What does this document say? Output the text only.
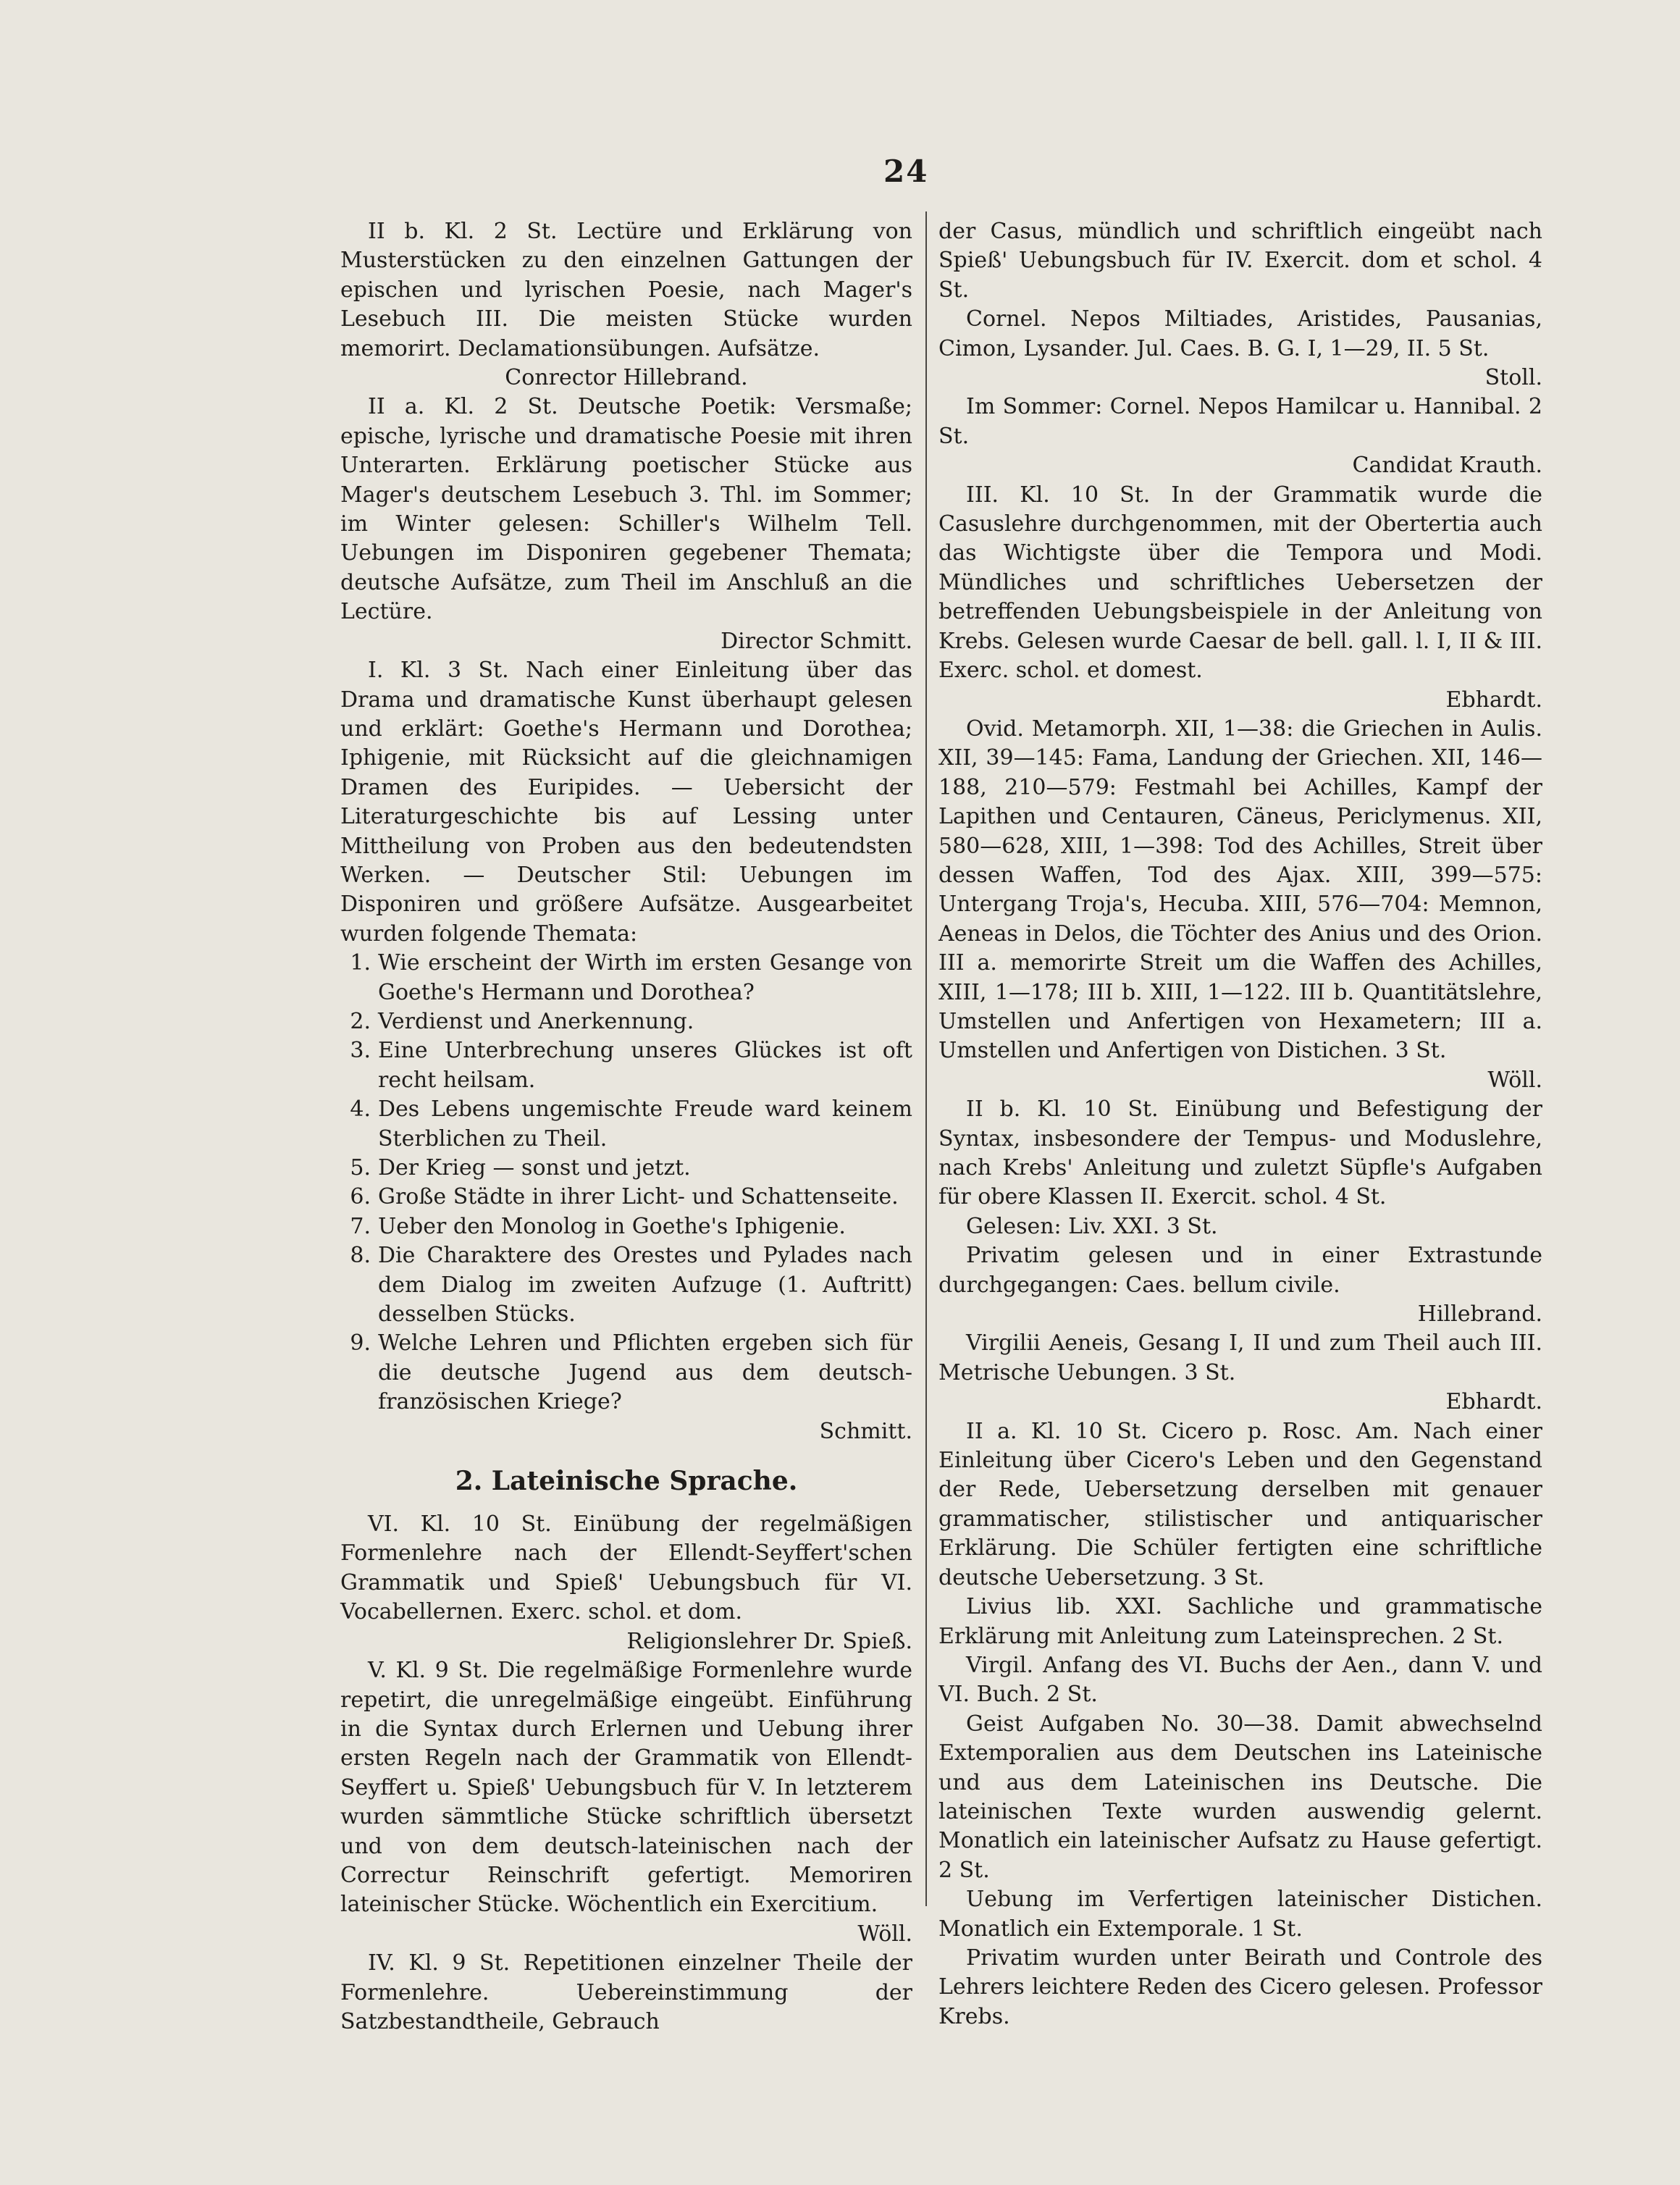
24

II b. Kl. 2 St. Lectüre und Erklärung von Musterstücken zu den einzelnen Gattungen der epischen und lyrischen Poesie, nach Mager's Lesebuch III. Die meisten Stücke wurden memorirt. Declamationsübungen. Aufsätze.

Conrector Hillebrand.

II a. Kl. 2 St. Deutsche Poetik: Versmaße; epische, lyrische und dramatische Poesie mit ihren Unterarten. Erklärung poetischer Stücke aus Mager's deutschem Lesebuch 3. Thl. im Sommer; im Winter gelesen: Schiller's Wilhelm Tell. Uebungen im Disponiren gegebener Themata; deutsche Aufsätze, zum Theil im Anschluß an die Lectüre.

Director Schmitt.

I. Kl. 3 St. Nach einer Einleitung über das Drama und dramatische Kunst überhaupt gelesen und erklärt: Goethe's Hermann und Dorothea; Iphigenie, mit Rücksicht auf die gleichnamigen Dramen des Euripides. — Uebersicht der Literaturgeschichte bis auf Lessing unter Mittheilung von Proben aus den bedeutendsten Werken. — Deutscher Stil: Uebungen im Disponiren und größere Aufsätze. Ausgearbeitet wurden folgende Themata:

1. Wie erscheint der Wirth im ersten Gesange von Goethe's Hermann und Dorothea?
2. Verdienst und Anerkennung.
3. Eine Unterbrechung unseres Glückes ist oft recht heilsam.
4. Des Lebens ungemischte Freude ward keinem Sterblichen zu Theil.
5. Der Krieg — sonst und jetzt.
6. Große Städte in ihrer Licht- und Schattenseite.
7. Ueber den Monolog in Goethe's Iphigenie.
8. Die Charaktere des Orestes und Pylades nach dem Dialog im zweiten Aufzuge (1. Auftritt) desselben Stücks.
9. Welche Lehren und Pflichten ergeben sich für die deutsche Jugend aus dem deutsch-französischen Kriege?

Schmitt.

2. Lateinische Sprache.

VI. Kl. 10 St. Einübung der regelmäßigen Formenlehre nach der Ellendt-Seyffert'schen Grammatik und Spieß' Uebungsbuch für VI. Vocabellernen. Exerc. schol. et dom.

Religionslehrer Dr. Spieß.

V. Kl. 9 St. Die regelmäßige Formenlehre wurde repetirt, die unregelmäßige eingeübt. Einführung in die Syntax durch Erlernen und Uebung ihrer ersten Regeln nach der Grammatik von Ellendt-Seyffert u. Spieß' Uebungsbuch für V. In letzterem wurden sämmtliche Stücke schriftlich übersetzt und von dem deutsch-lateinischen nach der Correctur Reinschrift gefertigt. Memoriren lateinischer Stücke. Wöchentlich ein Exercitium.

Wöll.

IV. Kl. 9 St. Repetitionen einzelner Theile der Formenlehre. Uebereinstimmung der Satzbestandtheile, Gebrauch

der Casus, mündlich und schriftlich eingeübt nach Spieß' Uebungsbuch für IV. Exercit. dom et schol. 4 St.

Cornel. Nepos Miltiades, Aristides, Pausanias, Cimon, Lysander. Jul. Caes. B. G. I, 1—29, II. 5 St.

Stoll.

Im Sommer: Cornel. Nepos Hamilcar u. Hannibal. 2 St.

Candidat Krauth.

III. Kl. 10 St. In der Grammatik wurde die Casuslehre durchgenommen, mit der Obertertia auch das Wichtigste über die Tempora und Modi. Mündliches und schriftliches Uebersetzen der betreffenden Uebungsbeispiele in der Anleitung von Krebs. Gelesen wurde Caesar de bell. gall. l. I, II & III. Exerc. schol. et domest.

Ebhardt.

Ovid. Metamorph. XII, 1—38: die Griechen in Aulis. XII, 39—145: Fama, Landung der Griechen. XII, 146—188, 210—579: Festmahl bei Achilles, Kampf der Lapithen und Centauren, Cäneus, Periclymenus. XII, 580—628, XIII, 1—398: Tod des Achilles, Streit über dessen Waffen, Tod des Ajax. XIII, 399—575: Untergang Troja's, Hecuba. XIII, 576—704: Memnon, Aeneas in Delos, die Töchter des Anius und des Orion. III a. memorirte Streit um die Waffen des Achilles, XIII, 1—178; III b. XIII, 1—122. III b. Quantitätslehre, Umstellen und Anfertigen von Hexametern; III a. Umstellen und Anfertigen von Distichen. 3 St.

Wöll.

II b. Kl. 10 St. Einübung und Befestigung der Syntax, insbesondere der Tempus- und Moduslehre, nach Krebs' Anleitung und zuletzt Süpfle's Aufgaben für obere Klassen II. Exercit. schol. 4 St.

Gelesen: Liv. XXI. 3 St.

Privatim gelesen und in einer Extrastunde durchgegangen: Caes. bellum civile.

Hillebrand.

Virgilii Aeneis, Gesang I, II und zum Theil auch III. Metrische Uebungen. 3 St.

Ebhardt.

II a. Kl. 10 St. Cicero p. Rosc. Am. Nach einer Einleitung über Cicero's Leben und den Gegenstand der Rede, Uebersetzung derselben mit genauer grammatischer, stilistischer und antiquarischer Erklärung. Die Schüler fertigten eine schriftliche deutsche Uebersetzung. 3 St.

Livius lib. XXI. Sachliche und grammatische Erklärung mit Anleitung zum Lateinsprechen. 2 St.

Virgil. Anfang des VI. Buchs der Aen., dann V. und VI. Buch. 2 St.

Geist Aufgaben No. 30—38. Damit abwechselnd Extemporalien aus dem Deutschen ins Lateinische und aus dem Lateinischen ins Deutsche. Die lateinischen Texte wurden auswendig gelernt. Monatlich ein lateinischer Aufsatz zu Hause gefertigt. 2 St.

Uebung im Verfertigen lateinischer Distichen. Monatlich ein Extemporale. 1 St.

Privatim wurden unter Beirath und Controle des Lehrers leichtere Reden des Cicero gelesen. Professor Krebs.
